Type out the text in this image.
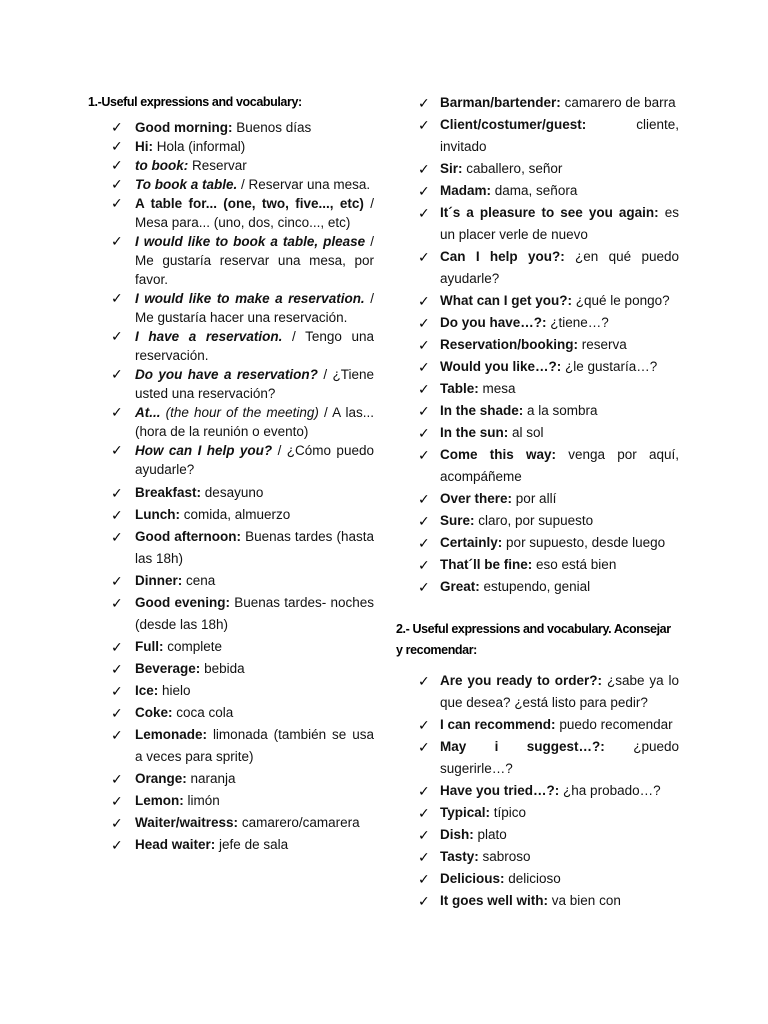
1.-Useful expressions and vocabulary:

✓ Good morning: Buenos días
✓ Hi: Hola (informal)
✓ to book: Reservar
✓ To book a table. / Reservar una mesa.
✓ A table for... (one, two, five..., etc) / Mesa para... (uno, dos, cinco..., etc)
✓ I would like to book a table, please / Me gustaría reservar una mesa, por favor.
✓ I would like to make a reservation. / Me gustaría hacer una reservación.
✓ I have a reservation. / Tengo una reservación.
✓ Do you have a reservation? / ¿Tiene usted una reservación?
✓ At... (the hour of the meeting) / A las... (hora de la reunión o evento)
✓ How can I help you? / ¿Cómo puedo ayudarle?
✓ Breakfast: desayuno
✓ Lunch: comida, almuerzo
✓ Good afternoon: Buenas tardes (hasta las 18h)
✓ Dinner: cena
✓ Good evening: Buenas tardes- noches (desde las 18h)
✓ Full: complete
✓ Beverage: bebida
✓ Ice: hielo
✓ Coke: coca cola
✓ Lemonade: limonada (también se usa a veces para sprite)
✓ Orange: naranja
✓ Lemon: limón
✓ Waiter/waitress: camarero/camarera
✓ Head waiter: jefe de sala
✓ Barman/bartender: camarero de barra
✓ Client/costumer/guest:	cliente, invitado
✓ Sir: caballero, señor
✓ Madam: dama, señora
✓ It´s a pleasure to see you again: es un placer verle de nuevo
✓ Can I help you?: ¿en qué puedo ayudarle?
✓ What can I get you?: ¿qué le pongo?
✓ Do you have…?: ¿tiene…?
✓ Reservation/booking: reserva
✓ Would you like…?: ¿le gustaría…?
✓ Table: mesa
✓ In the shade: a la sombra
✓ In the sun: al sol
✓ Come this way: venga por aquí, acompáñeme
✓ Over there: por allí
✓ Sure: claro, por supuesto
✓ Certainly: por supuesto, desde luego
✓ That´ll be fine: eso está bien
✓ Great: estupendo, genial

2.- Useful expressions and vocabulary. Aconsejar y recomendar:

✓ Are you ready to order?: ¿sabe ya lo que desea? ¿está listo para pedir?
✓ I can recommend: puedo recomendar
✓ May i suggest…?: ¿puedo sugerirle…?
✓ Have you tried…?: ¿ha probado…?
✓ Typical: típico
✓ Dish: plato
✓ Tasty: sabroso
✓ Delicious: delicioso
✓ It goes well with: va bien con
